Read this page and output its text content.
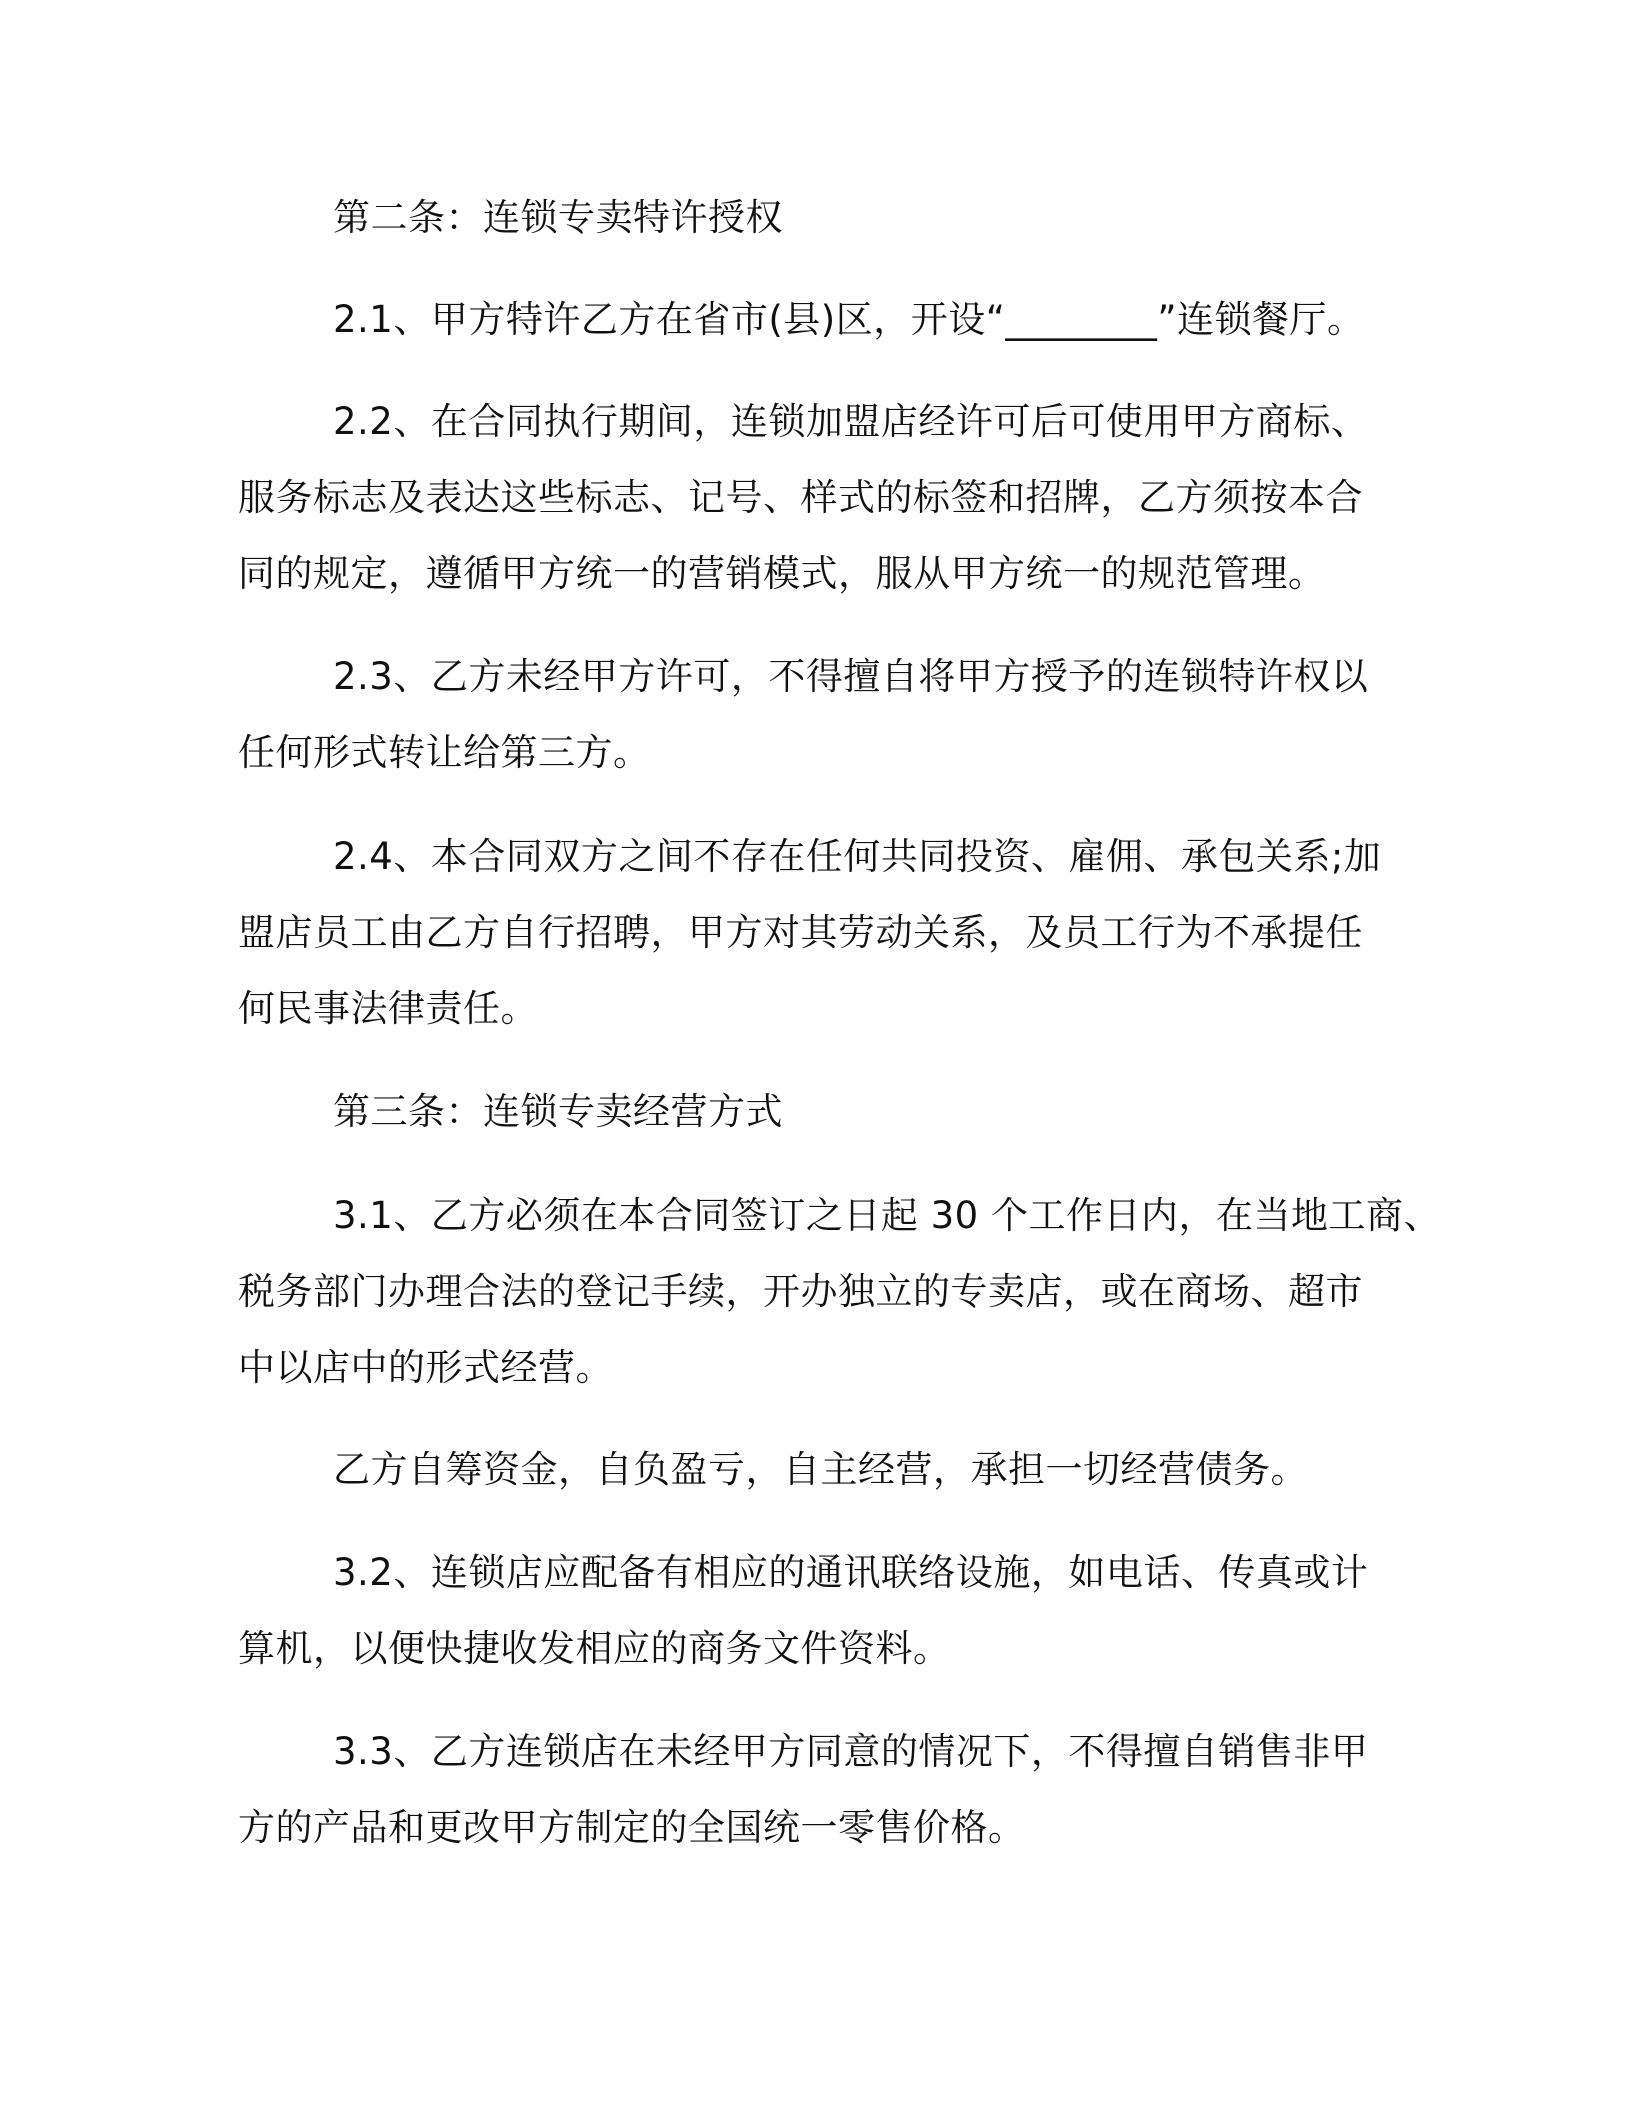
第二条：连锁专卖特许授权
2.1、甲方特许乙方在省市(县)区，开设“________”连锁餐厅。
2.2、在合同执行期间，连锁加盟店经许可后可使用甲方商标、
服务标志及表达这些标志、记号、样式的标签和招牌，乙方须按本合
同的规定，遵循甲方统一的营销模式，服从甲方统一的规范管理。
2.3、乙方未经甲方许可，不得擅自将甲方授予的连锁特许权以
任何形式转让给第三方。
2.4、本合同双方之间不存在任何共同投资、雇佣、承包关系;加
盟店员工由乙方自行招聘，甲方对其劳动关系，及员工行为不承提任
何民事法律责任。
第三条：连锁专卖经营方式
3.1、乙方必须在本合同签订之日起 30 个工作日内，在当地工商、
税务部门办理合法的登记手续，开办独立的专卖店，或在商场、超市
中以店中的形式经营。
乙方自筹资金，自负盈亏，自主经营，承担一切经营债务。
3.2、连锁店应配备有相应的通讯联络设施，如电话、传真或计
算机，以便快捷收发相应的商务文件资料。
3.3、乙方连锁店在未经甲方同意的情况下，不得擅自销售非甲
方的产品和更改甲方制定的全国统一零售价格。
